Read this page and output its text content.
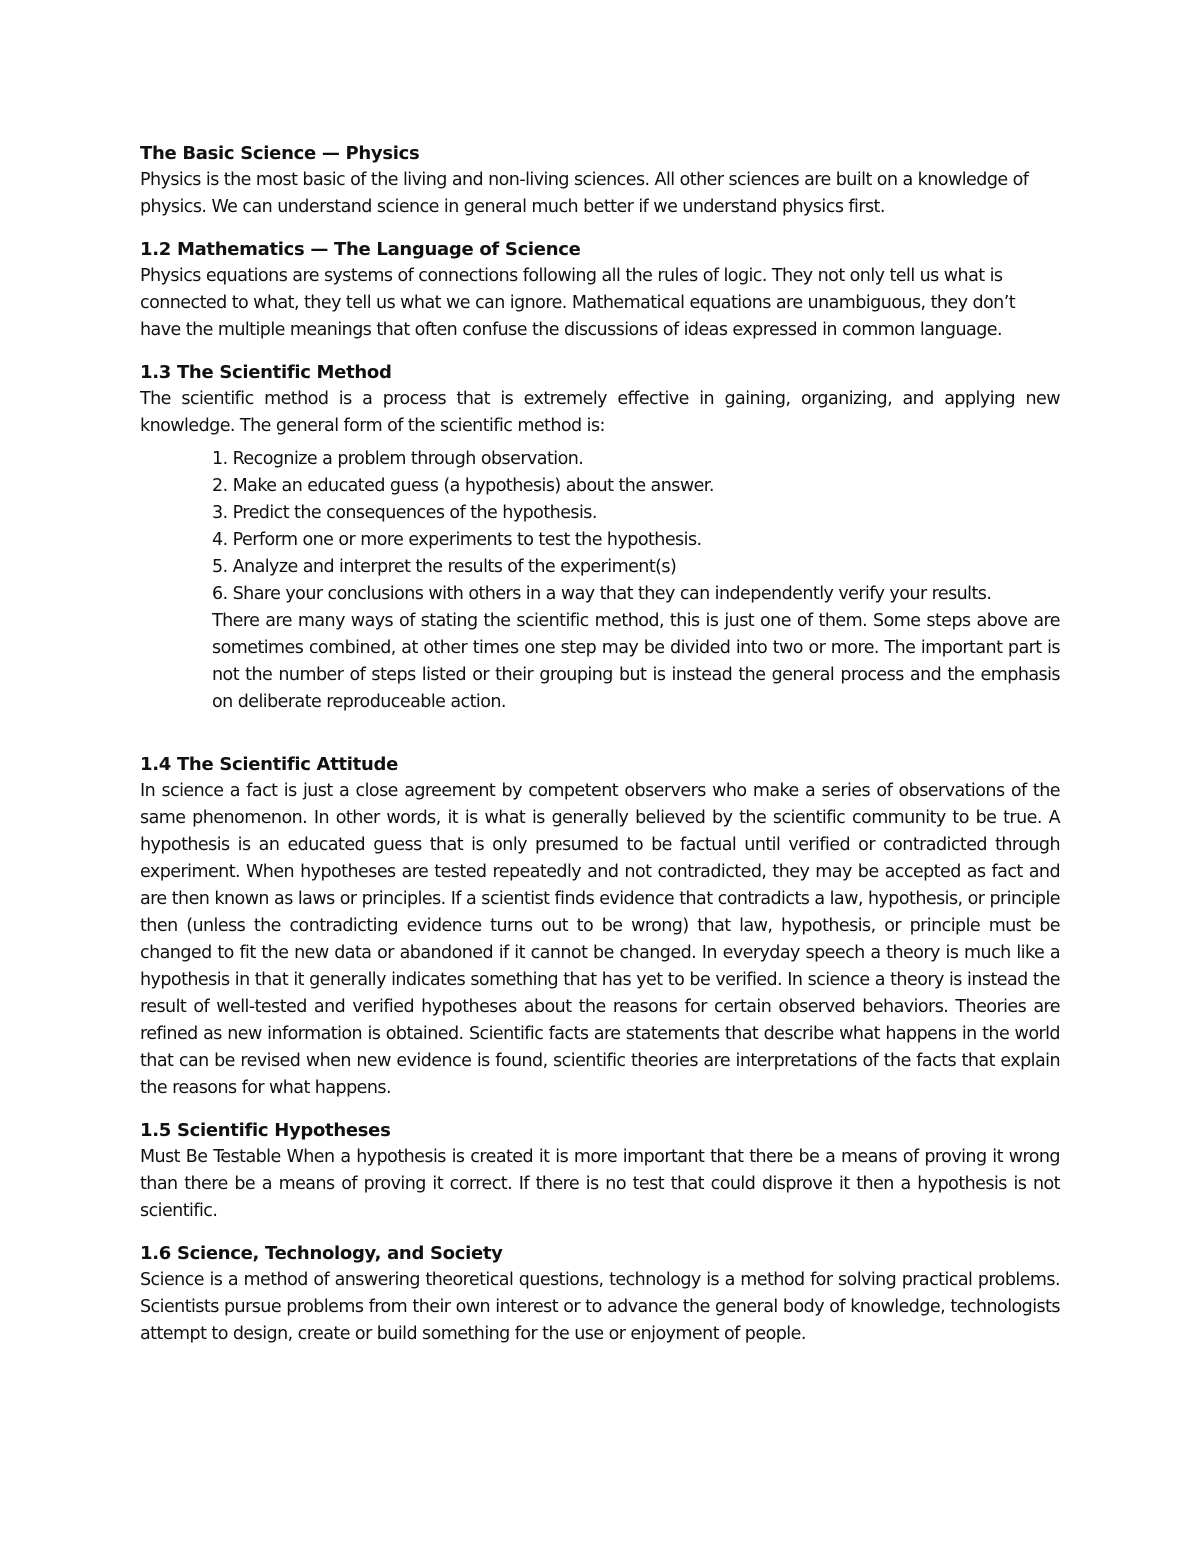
The Basic Science — Physics

Physics is the most basic of the living and non-living sciences. All other sciences are built on a knowledge of physics. We can understand science in general much better if we understand physics first.

1.2 Mathematics — The Language of Science

Physics equations are systems of connections following all the rules of logic. They not only tell us what is connected to what, they tell us what we can ignore. Mathematical equations are unambiguous, they don’t have the multiple meanings that often confuse the discussions of ideas expressed in common language.

1.3 The Scientific Method

The scientific method is a process that is extremely effective in gaining, organizing, and applying new knowledge. The general form of the scientific method is:

1. Recognize a problem through observation.
2. Make an educated guess (a hypothesis) about the answer.
3. Predict the consequences of the hypothesis.
4. Perform one or more experiments to test the hypothesis.
5. Analyze and interpret the results of the experiment(s)
6. Share your conclusions with others in a way that they can independently verify your results.

There are many ways of stating the scientific method, this is just one of them. Some steps above are sometimes combined, at other times one step may be divided into two or more. The important part is not the number of steps listed or their grouping but is instead the general process and the emphasis on deliberate reproduceable action.

1.4 The Scientific Attitude

In science a fact is just a close agreement by competent observers who make a series of observations of the same phenomenon. In other words, it is what is generally believed by the scientific community to be true. A hypothesis is an educated guess that is only presumed to be factual until verified or contradicted through experiment. When hypotheses are tested repeatedly and not contradicted, they may be accepted as fact and are then known as laws or principles. If a scientist finds evidence that contradicts a law, hypothesis, or principle then (unless the contradicting evidence turns out to be wrong) that law, hypothesis, or principle must be changed to fit the new data or abandoned if it cannot be changed. In everyday speech a theory is much like a hypothesis in that it generally indicates something that has yet to be verified. In science a theory is instead the result of well-tested and verified hypotheses about the reasons for certain observed behaviors. Theories are refined as new information is obtained. Scientific facts are statements that describe what happens in the world that can be revised when new evidence is found, scientific theories are interpretations of the facts that explain the reasons for what happens.

1.5 Scientific Hypotheses

Must Be Testable When a hypothesis is created it is more important that there be a means of proving it wrong than there be a means of proving it correct. If there is no test that could disprove it then a hypothesis is not scientific.

1.6 Science, Technology, and Society

Science is a method of answering theoretical questions, technology is a method for solving practical problems. Scientists pursue problems from their own interest or to advance the general body of knowledge, technologists attempt to design, create or build something for the use or enjoyment of people.
